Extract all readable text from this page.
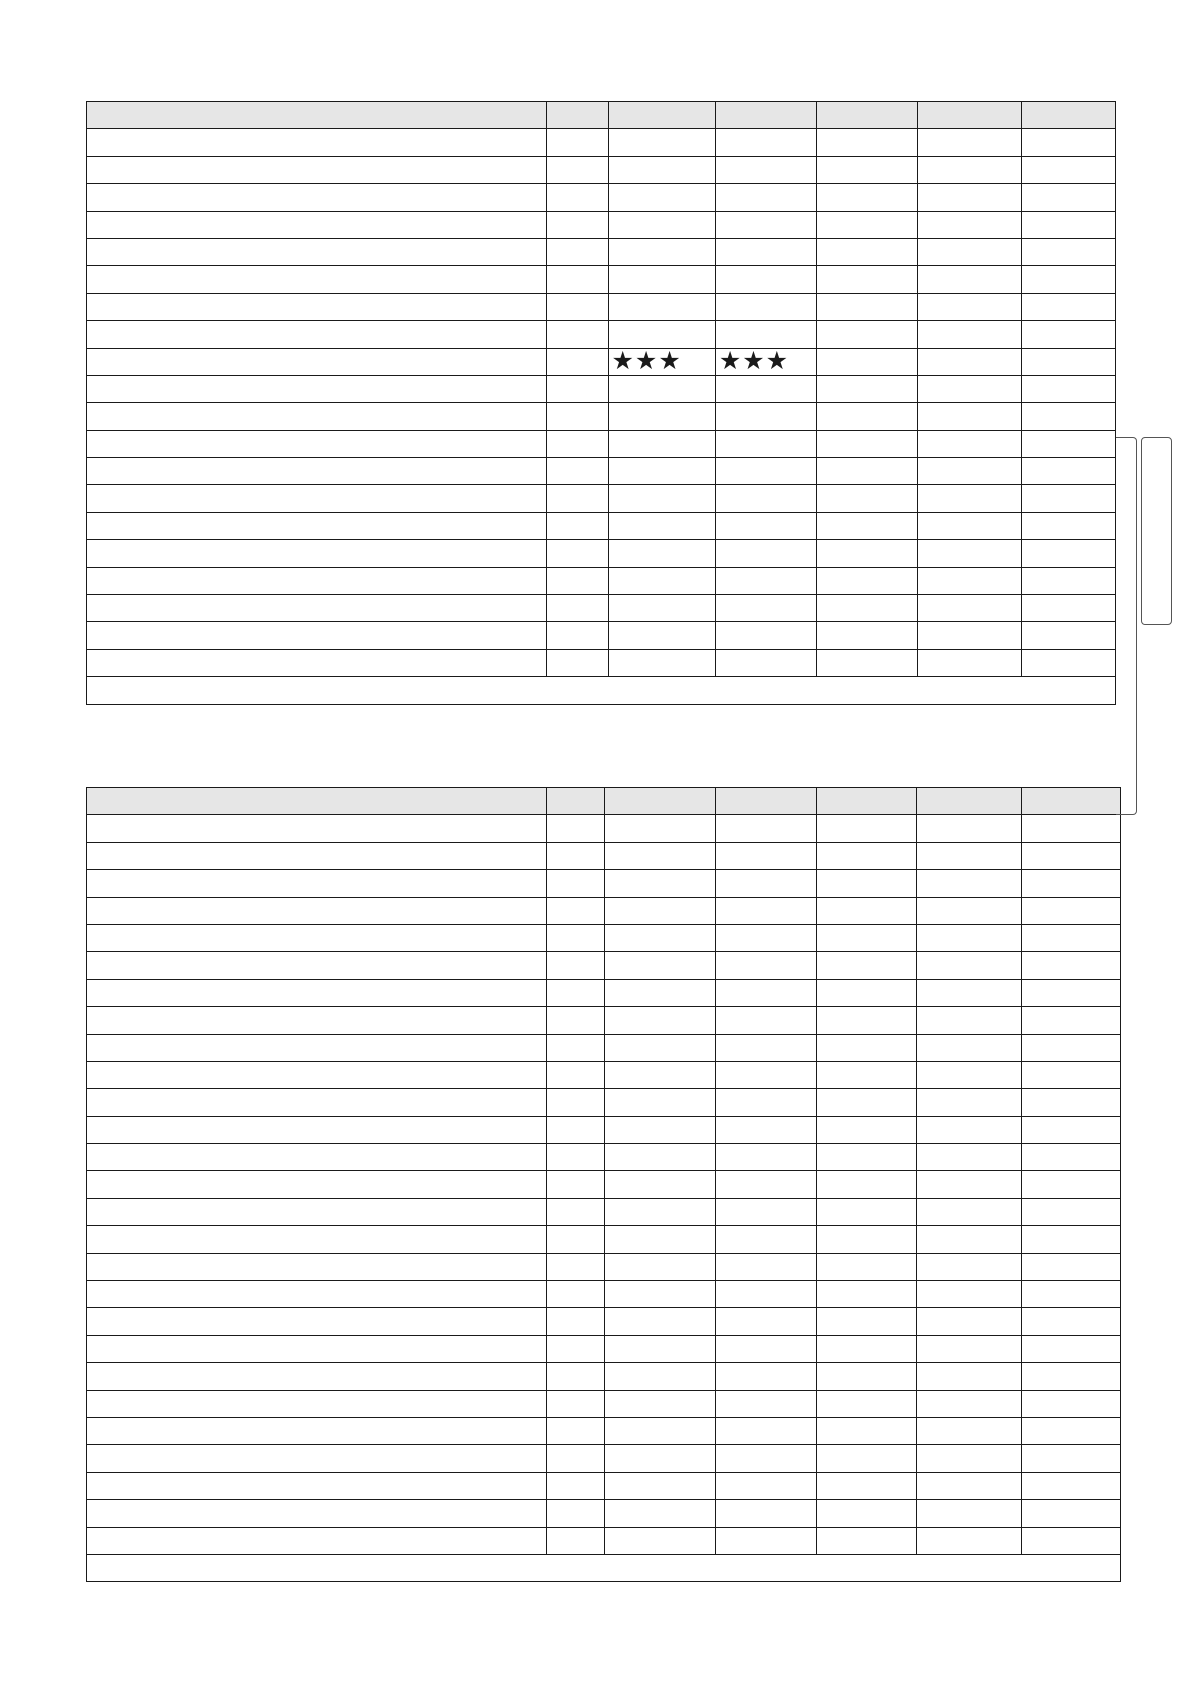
		★★★	★★★			
